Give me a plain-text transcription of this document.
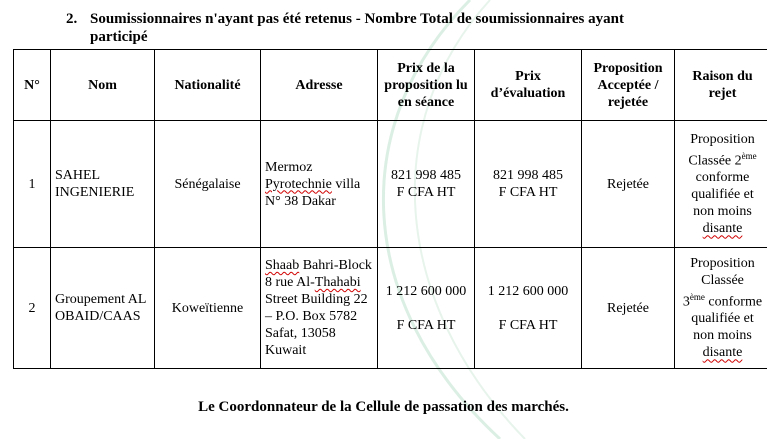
2. Soumissionnaires n'ayant pas été retenus - Nombre Total de soumissionnaires ayant
participé
N°	Nom	Nationalité	Adresse	Prix de la proposition lu en séance	Prix d’évaluation	Proposition Acceptée / rejetée	Raison du rejet
1	SAHEL INGENIERIE	Sénégalaise	Mermoz Pyrotechnie villa N° 38 Dakar	821 998 485
F CFA HT	821 998 485
F CFA HT	Rejetée	Proposition Classée 2ème conforme qualifiée et non moins disante

2	Groupement AL OBAID/CAAS	Koweïtienne	Shaab Bahri-Block 8 rue Al-Thahabi Street Building 22 – P.O. Box 5782 Safat, 13058 Kuwait	1 212 600 000

F CFA HT	1 212 600 000

F CFA HT	Rejetée	Proposition Classée
3ème conforme qualifiée et non moins disante
Le Coordonnateur de la Cellule de passation des marchés.
